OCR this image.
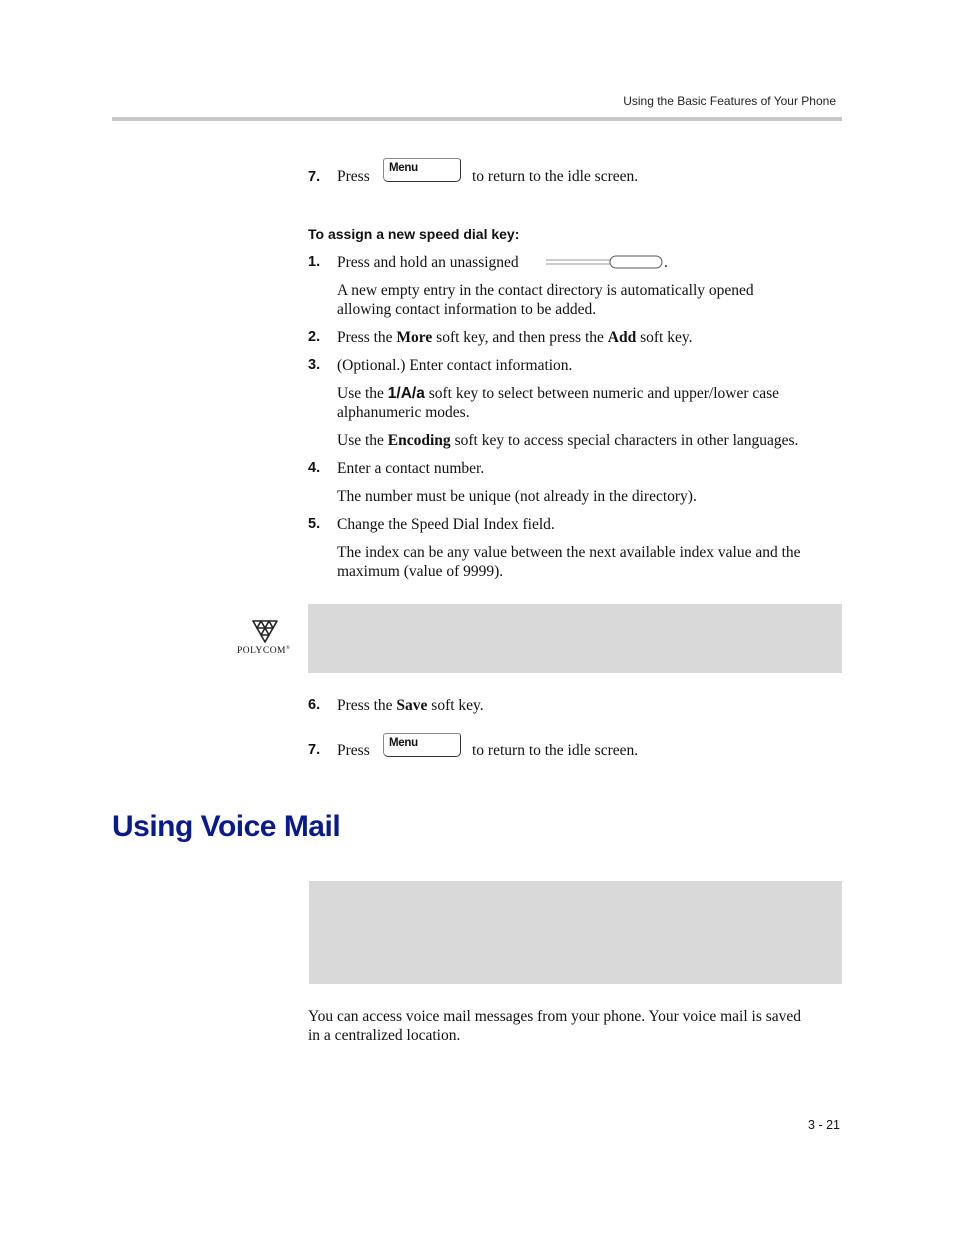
Using the Basic Features of Your Phone
7. Press	Menu	to return to the idle screen.
To assign a new speed dial key:
1. Press and hold an unassigned	.
A new empty entry in the contact directory is automatically opened
allowing contact information to be added.
2. Press the More soft key, and then press the Add soft key.
3. (Optional.) Enter contact information.
Use the 1/A/a soft key to select between numeric and upper/lower case
alphanumeric modes.
Use the Encoding soft key to access special characters in other languages.
4. Enter a contact number.
The number must be unique (not already in the directory).
5. Change the Speed Dial Index field.
The index can be any value between the next available index value and the
maximum (value of 9999).
POLYCOM®
6. Press the Save soft key.
7. Press	Menu	to return to the idle screen.
Using Voice Mail
You can access voice mail messages from your phone. Your voice mail is saved
in a centralized location.
3 - 21
